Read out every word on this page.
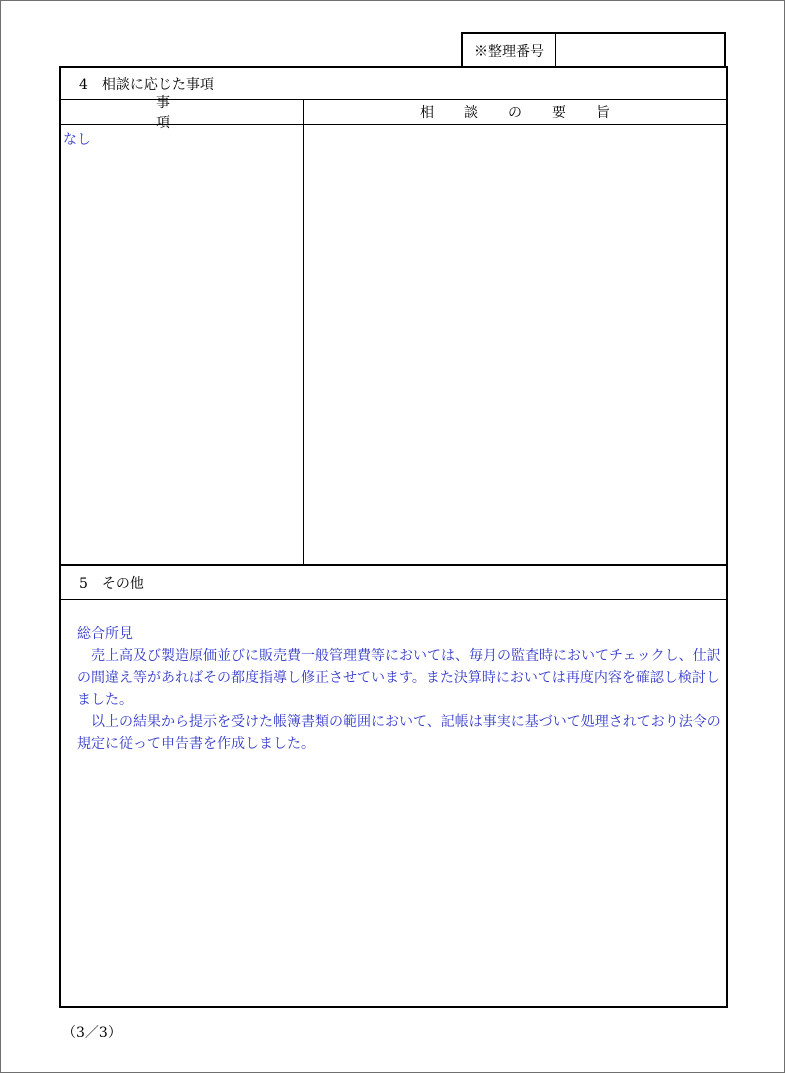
※整理番号
4　相談に応じた事項
事項
相談の要旨
なし
5　その他

総合所見

売上高及び製造原価並びに販売費一般管理費等においては、毎月の監査時においてチェックし、仕訳の間違え等があればその都度指導し修正させています。また決算時においては再度内容を確認し検討しました。

以上の結果から提示を受けた帳簿書類の範囲において、記帳は事実に基づいて処理されており法令の規定に従って申告書を作成しました。

（3／3）
